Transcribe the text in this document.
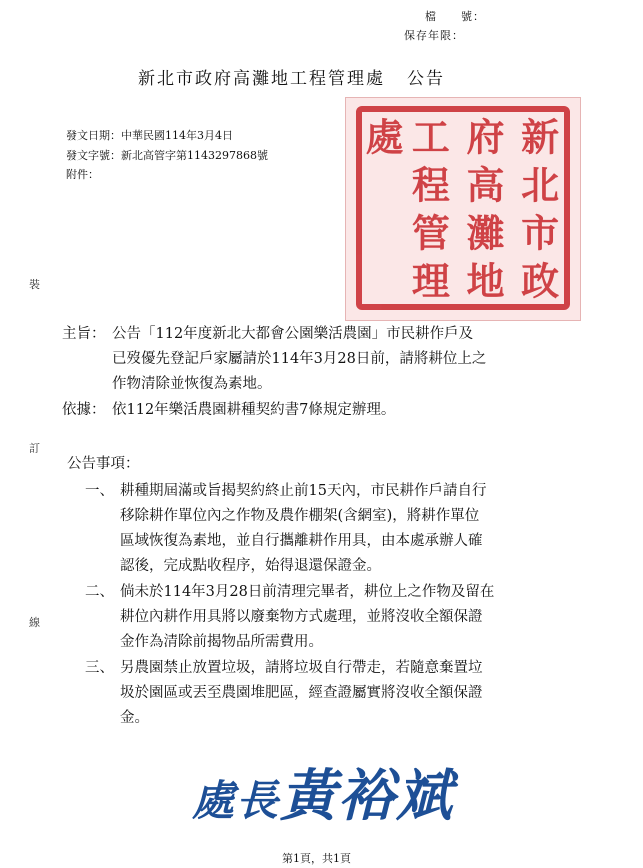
檔　　號：
保存年限：
新北市政府高灘地工程管理處 公告
發文日期：中華民國114年3月4日
發文字號：新北高管字第1143297868號
附件：
新
北
市
政
府
高
灘
地
工
程
管
理
處
裝
訂
線
主旨： 公告「112年度新北大都會公園樂活農園」市民耕作戶及
已歿優先登記戶家屬請於114年3月28日前，請將耕位上之
作物清除並恢復為素地。
依據： 依112年樂活農園耕種契約書7條規定辦理。
公告事項：
一、 耕種期屆滿或旨揭契約終止前15天內，市民耕作戶請自行
移除耕作單位內之作物及農作棚架(含網室)，將耕作單位
區域恢復為素地，並自行攜離耕作用具，由本處承辦人確
認後，完成點收程序，始得退還保證金。
二、 倘未於114年3月28日前清理完畢者，耕位上之作物及留在
耕位內耕作用具將以廢棄物方式處理，並將沒收全額保證
金作為清除前揭物品所需費用。
三、 另農園禁止放置垃圾，請將垃圾自行帶走，若隨意棄置垃
圾於園區或丟至農園堆肥區，經查證屬實將沒收全額保證
金。
處長黃裕斌
第1頁，共1頁
